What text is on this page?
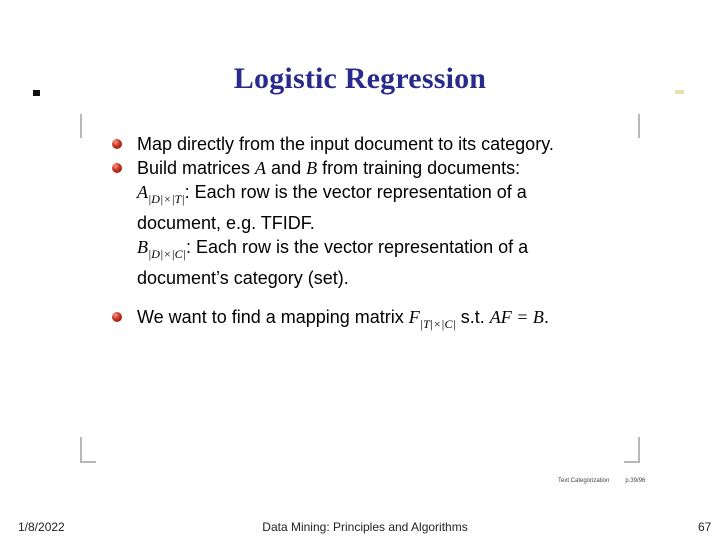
Logistic Regression
Map directly from the input document to its category.
Build matrices A and B from training documents:
$A_{|D|\times|T|}$: Each row is the vector representation of a
document, e.g. TFIDF.
$B_{|D|\times|C|}$: Each row is the vector representation of a
document’s category (set).
We want to find a mapping matrix $F_{|T|\times|C|}$ s.t. AF = B.
Text Categorization	p.39/96
1/8/2022	Data Mining: Principles and Algorithms	67
